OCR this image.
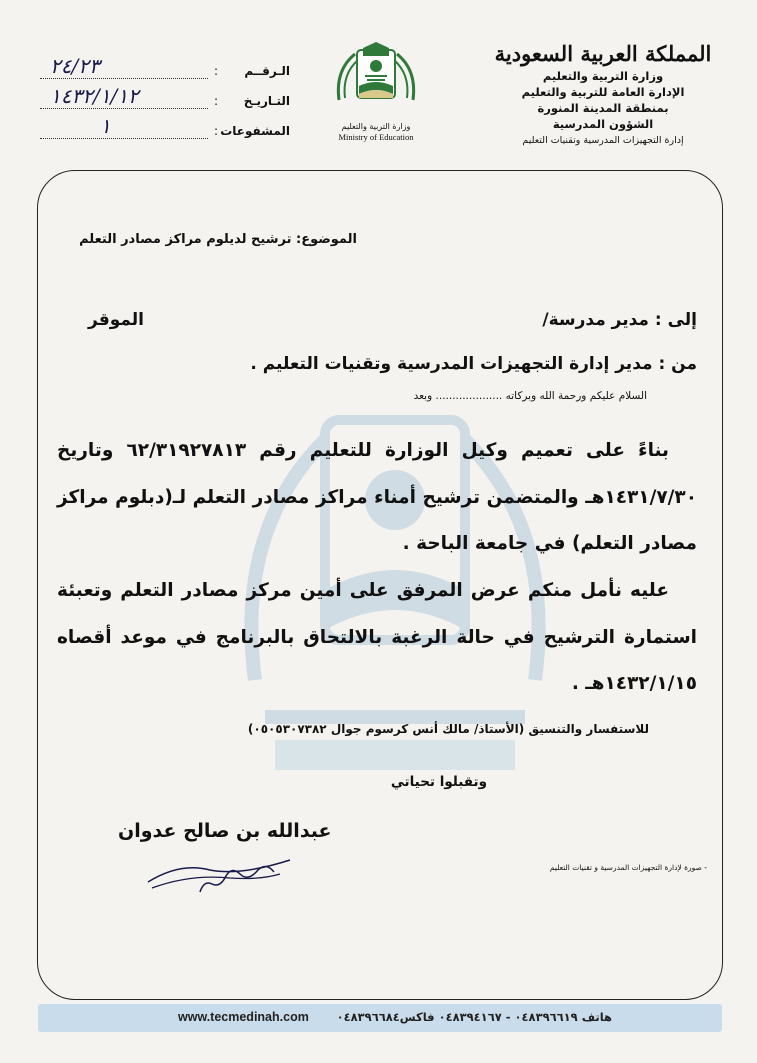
المملكة العربية السعودية
وزارة التربية والتعليم
الإدارة العامة للتربية والتعليم
بمنطقة المدينة المنورة
الشؤون المدرسية
إدارة التجهيزات المدرسية وتقنيات التعليم
وزارة التربية والتعليم
Ministry of Education
الـرقــم
:
٢٤/٢٣
التـاريـخ
:
١٤٣٢/١/١٢
المشفوعات
:
١
الموضوع: ترشيح لديلوم مراكز مصادر التعلم
إلى : مدير مدرسة/
الموقر
من : مدير إدارة التجهيزات المدرسية وتقنيات التعليم .
السلام عليكم ورحمة الله وبركاته .................... وبعد
بناءً على تعميم وكيل الوزارة للتعليم رقم ٦٢/٣١٩٢٧٨١٣ وتاريخ ١٤٣١/٧/٣٠هـ والمتضمن ترشيح أمناء مراكز مصادر التعلم لـ(دبلوم مراكز مصادر التعلم) في جامعة الباحة .
عليه نأمل منكم عرض المرفق على أمين مركز مصادر التعلم وتعبئة استمارة الترشيح في حالة الرغبة بالالتحاق بالبرنامج في موعد أقصاه ١٤٣٢/١/١٥هـ .
للاستفسار والتنسيق (الأستاذ/ مالك أنس كرسوم جوال ٠٥٠٥٣٠٧٣٨٢)
وتقبلوا تحياتي
عبدالله بن صالح عدوان
- صورة لإدارة التجهيزات المدرسية و تقنيات التعليم
www.tecmedinah.com هاتف ٠٤٨٣٩٦٦١٩ - ٠٤٨٣٩٤١٦٧ فاكس٠٤٨٣٩٦٦٨٤
